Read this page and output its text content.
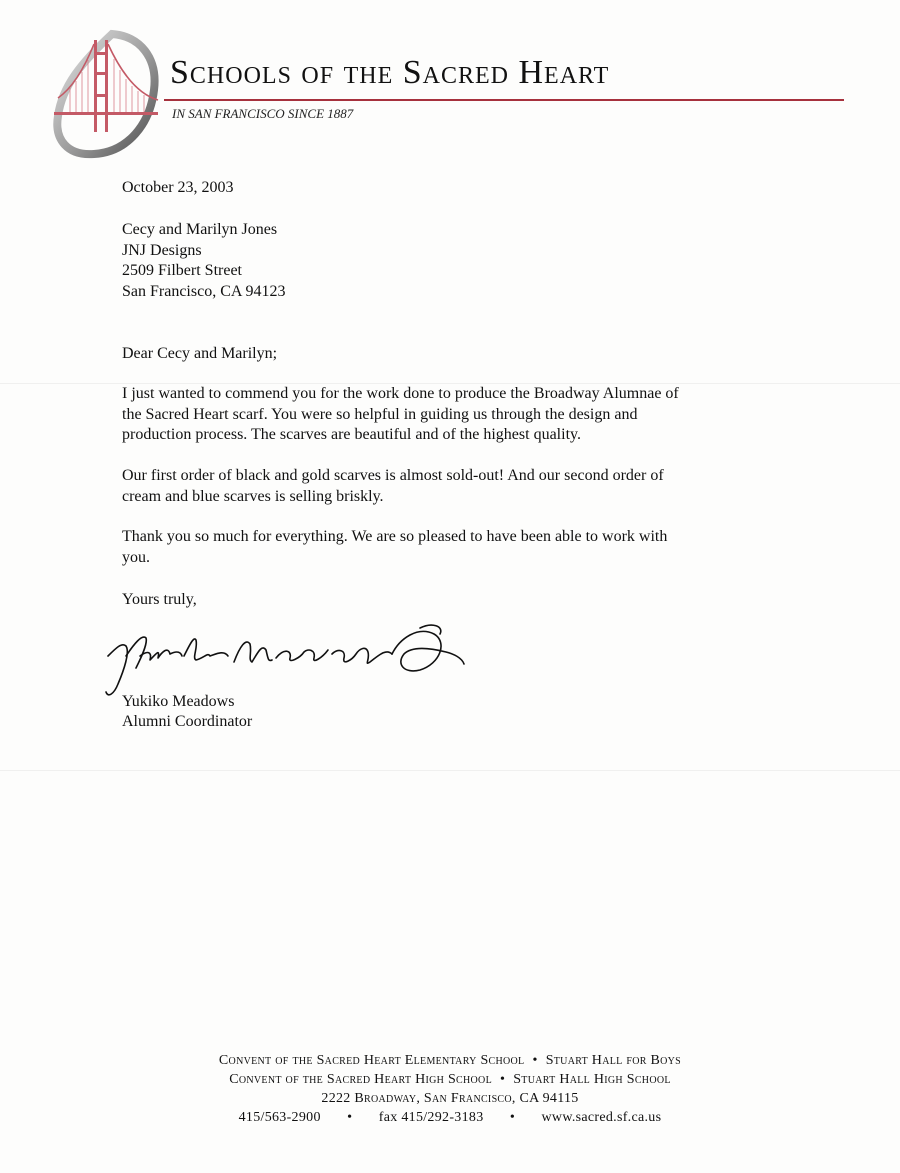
Schools of the Sacred Heart
IN SAN FRANCISCO SINCE 1887
October 23, 2003
Cecy and Marilyn Jones
JNJ Designs
2509 Filbert Street
San Francisco, CA 94123
Dear Cecy and Marilyn;
I just wanted to commend you for the work done to produce the Broadway Alumnae of
the Sacred Heart scarf. You were so helpful in guiding us through the design and
production process. The scarves are beautiful and of the highest quality.
Our first order of black and gold scarves is almost sold-out! And our second order of
cream and blue scarves is selling briskly.
Thank you so much for everything. We are so pleased to have been able to work with
you.
Yours truly,
Yukiko Meadows
Alumni Coordinator
Convent of the Sacred Heart Elementary School • Stuart Hall for Boys
Convent of the Sacred Heart High School • Stuart Hall High School
2222 Broadway, San Francisco, CA 94115
415/563-2900 • fax 415/292-3183 • www.sacred.sf.ca.us
